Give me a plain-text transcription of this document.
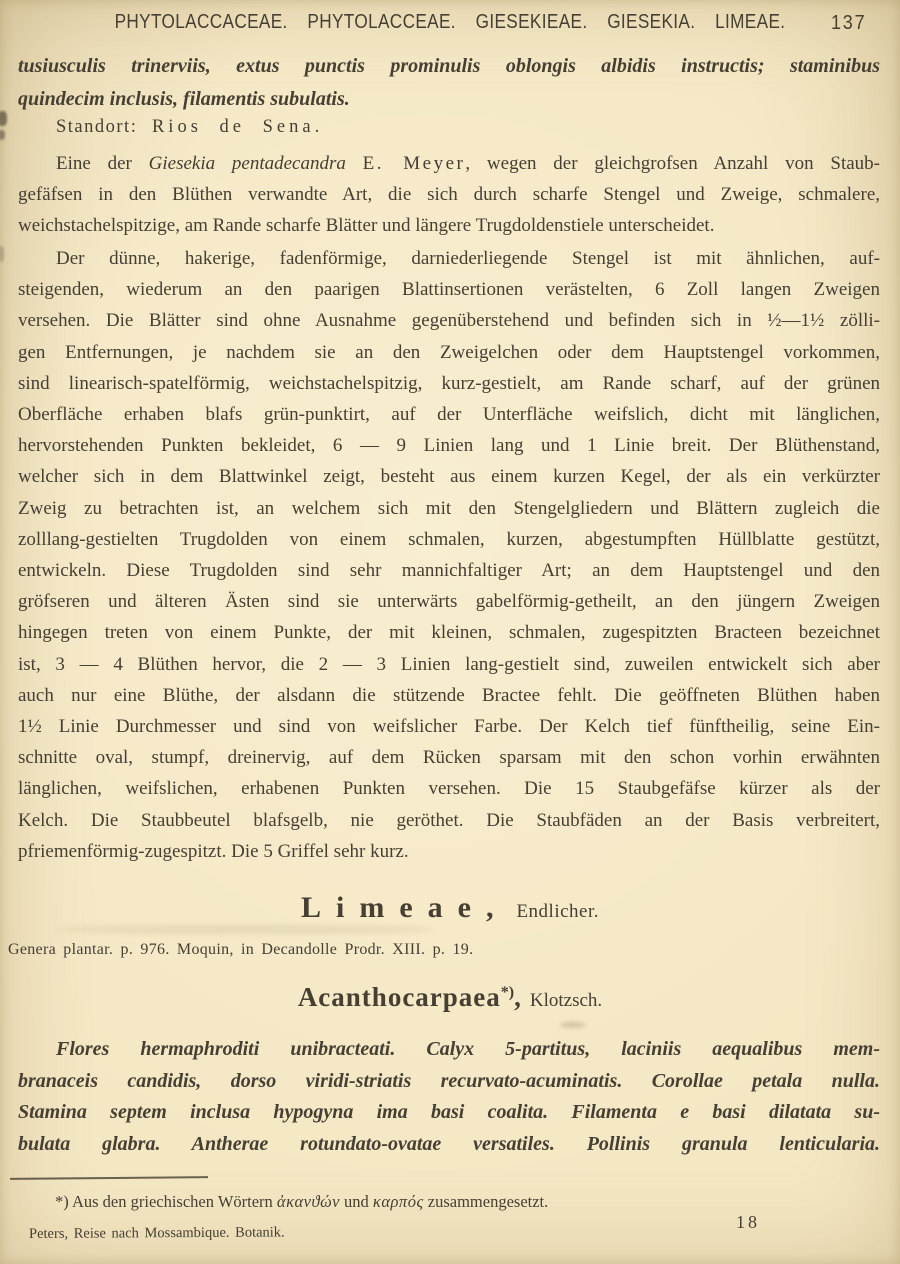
PHYTOLACCACEAE. PHYTOLACCEAE. GIESEKIEAE. GIESEKIA. LIMEAE. 137
tusiusculis trinerviis, extus punctis prominulis oblongis albidis instructis; staminibus
quindecim inclusis, filamentis subulatis.
Standort: Rios de Sena.
Eine der Giesekia pentadecandra E. Meyer, wegen der gleichgrofsen Anzahl von Staub-
gefäfsen in den Blüthen verwandte Art, die sich durch scharfe Stengel und Zweige, schmalere,
weichstachelspitzige, am Rande scharfe Blätter und längere Trugdoldenstiele unterscheidet.
Der dünne, hakerige, fadenförmige, darniederliegende Stengel ist mit ähnlichen, auf-
steigenden, wiederum an den paarigen Blattinsertionen verästelten, 6 Zoll langen Zweigen
versehen. Die Blätter sind ohne Ausnahme gegenüberstehend und befinden sich in ½—1½ zölli-
gen Entfernungen, je nachdem sie an den Zweigelchen oder dem Hauptstengel vorkommen,
sind linearisch-spatelförmig, weichstachelspitzig, kurz-gestielt, am Rande scharf, auf der grünen
Oberfläche erhaben blafs grün-punktirt, auf der Unterfläche weifslich, dicht mit länglichen,
hervorstehenden Punkten bekleidet, 6 — 9 Linien lang und 1 Linie breit. Der Blüthenstand,
welcher sich in dem Blattwinkel zeigt, besteht aus einem kurzen Kegel, der als ein verkürzter
Zweig zu betrachten ist, an welchem sich mit den Stengelgliedern und Blättern zugleich die
zolllang-gestielten Trugdolden von einem schmalen, kurzen, abgestumpften Hüllblatte gestützt,
entwickeln. Diese Trugdolden sind sehr mannichfaltiger Art; an dem Hauptstengel und den
gröfseren und älteren Ästen sind sie unterwärts gabelförmig-getheilt, an den jüngern Zweigen
hingegen treten von einem Punkte, der mit kleinen, schmalen, zugespitzten Bracteen bezeichnet
ist, 3 — 4 Blüthen hervor, die 2 — 3 Linien lang-gestielt sind, zuweilen entwickelt sich aber
auch nur eine Blüthe, der alsdann die stützende Bractee fehlt. Die geöffneten Blüthen haben
1½ Linie Durchmesser und sind von weifslicher Farbe. Der Kelch tief fünftheilig, seine Ein-
schnitte oval, stumpf, dreinervig, auf dem Rücken sparsam mit den schon vorhin erwähnten
länglichen, weifslichen, erhabenen Punkten versehen. Die 15 Staubgefäfse kürzer als der
Kelch. Die Staubbeutel blafsgelb, nie geröthet. Die Staubfäden an der Basis verbreitert,
pfriemenförmig-zugespitzt. Die 5 Griffel sehr kurz.
Limeae, Endlicher.
Genera plantar. p. 976. Moquin, in Decandolle Prodr. XIII. p. 19.
Acanthocarpaea*), Klotzsch.
Flores hermaphroditi unibracteati. Calyx 5-partitus, laciniis aequalibus mem-
branaceis candidis, dorso viridi-striatis recurvato-acuminatis. Corollae petala nulla.
Stamina septem inclusa hypogyna ima basi coalita. Filamenta e basi dilatata su-
bulata glabra. Antherae rotundato-ovatae versatiles. Pollinis granula lenticularia.
*) Aus den griechischen Wörtern ἀκανϑών und καρπός zusammengesetzt.
18
Peters, Reise nach Mossambique. Botanik.
